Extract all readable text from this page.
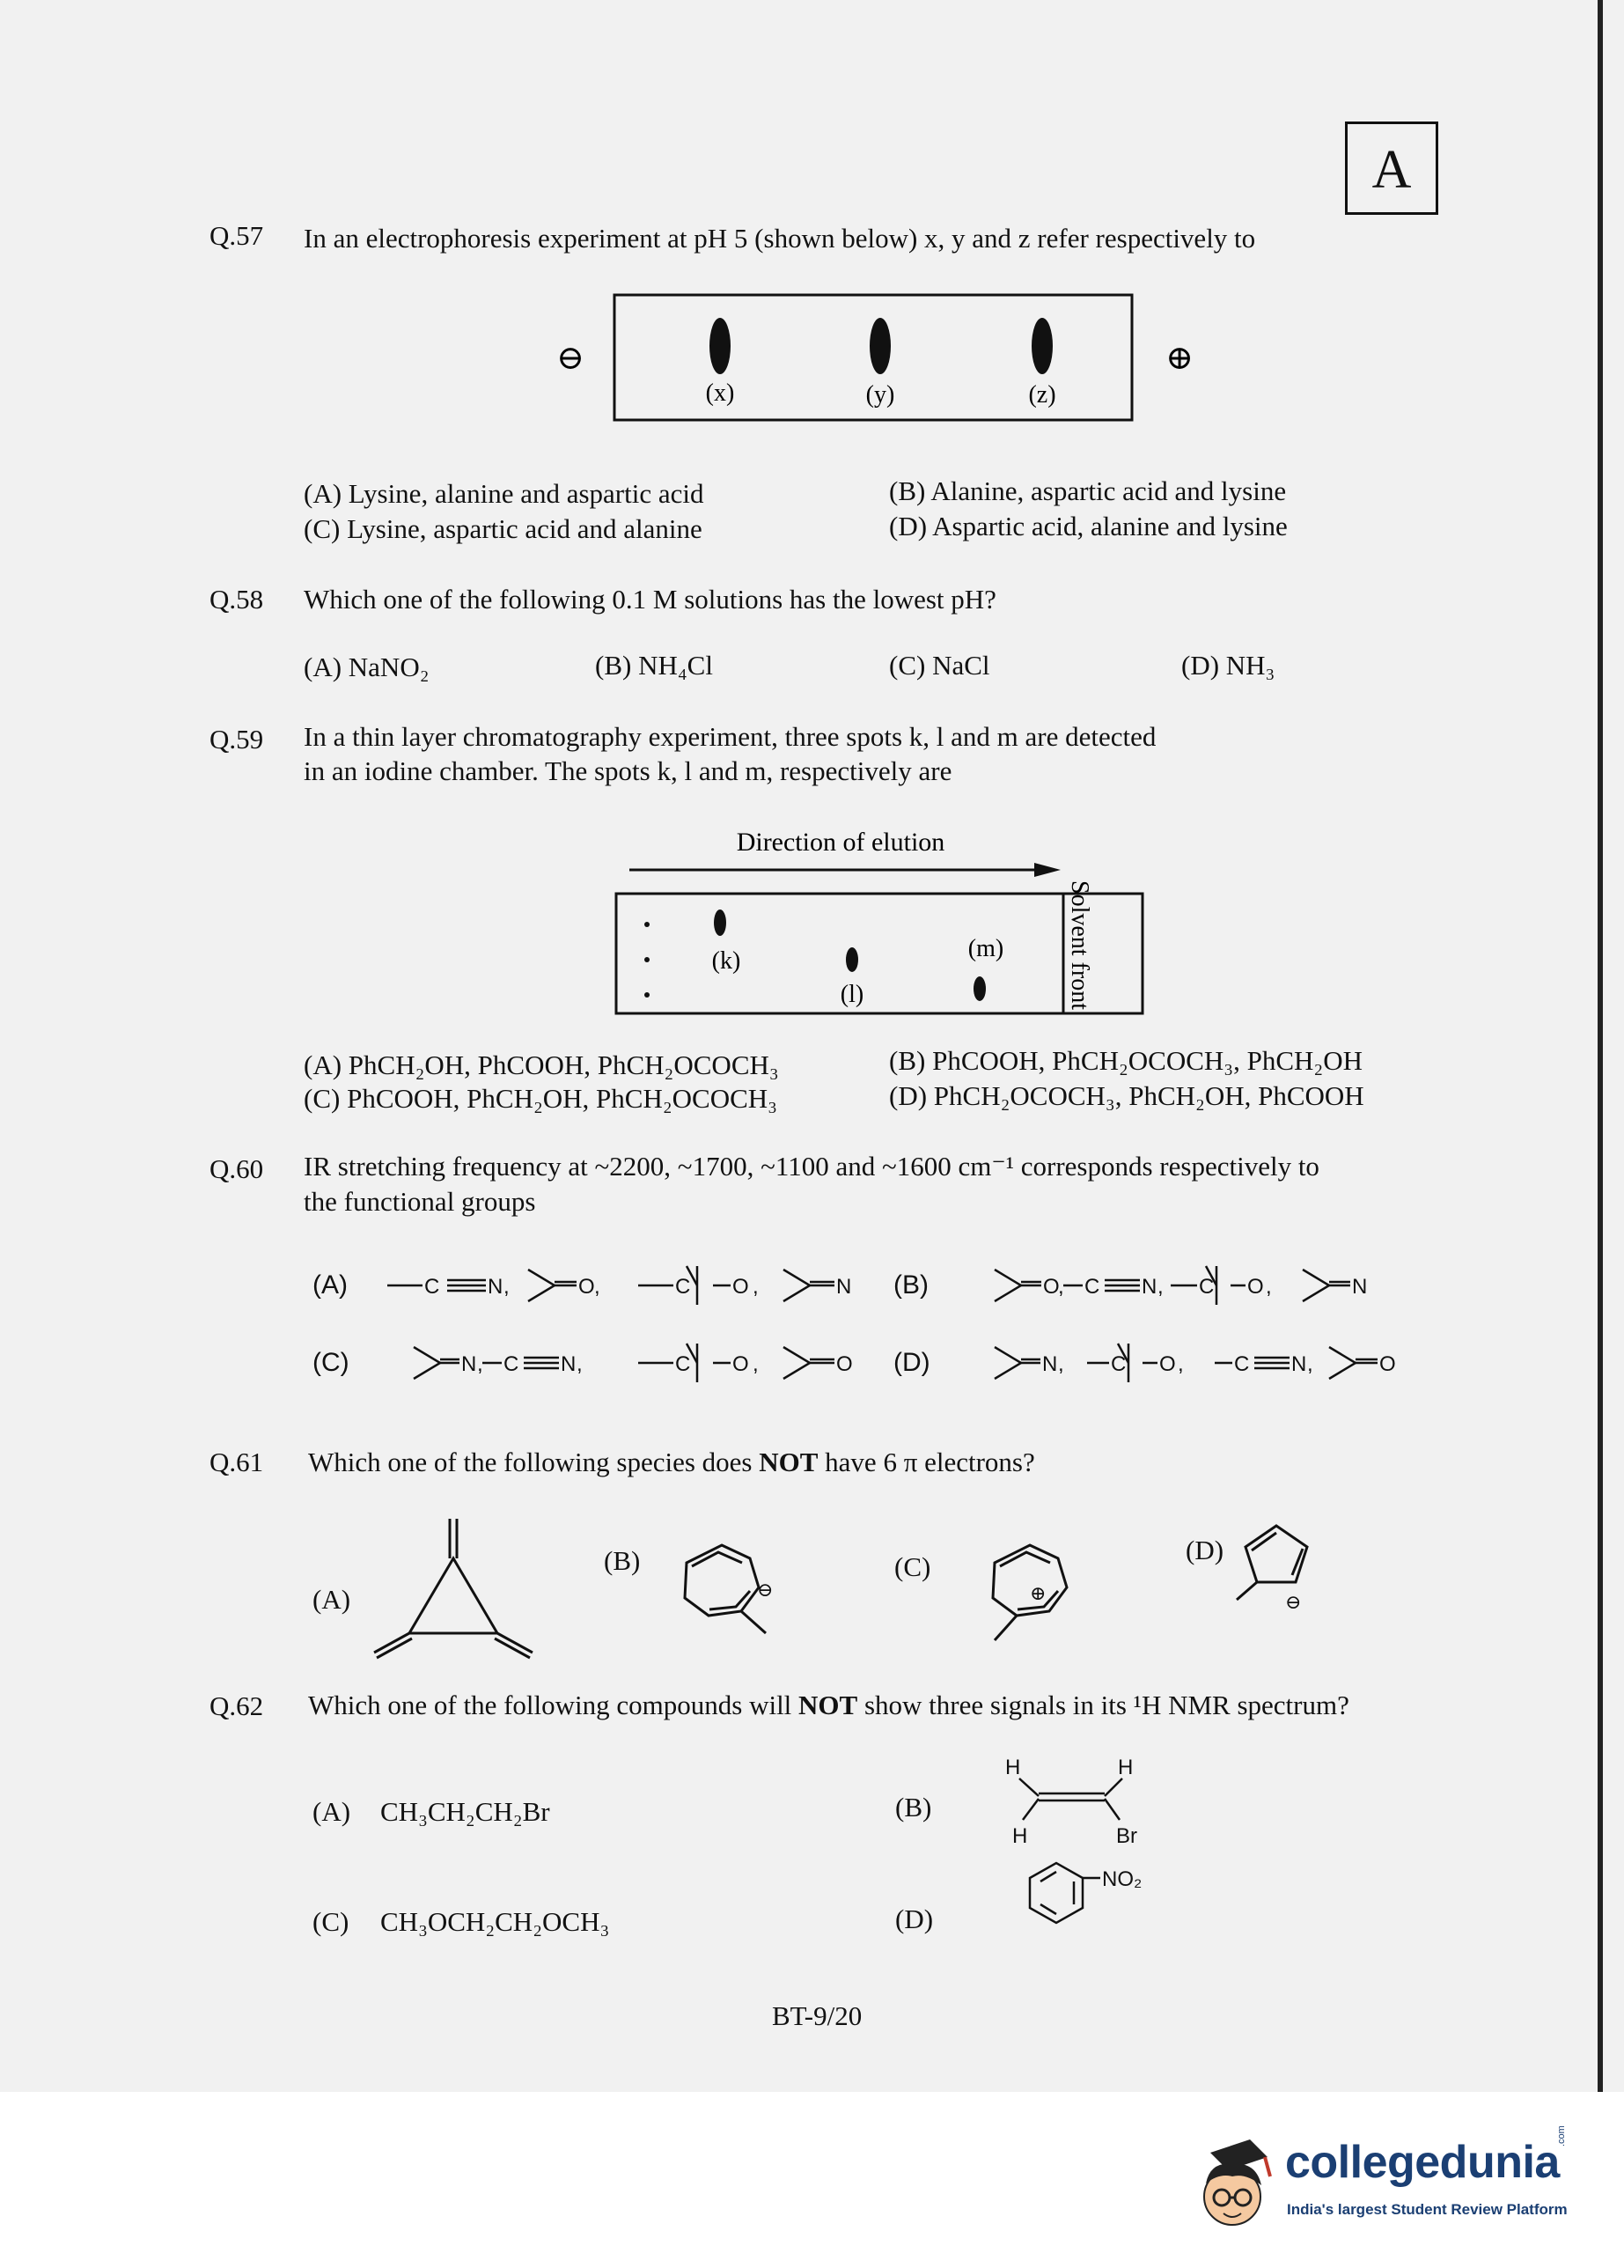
A
Q.57 In an electrophoresis experiment at pH 5 (shown below) x, y and z refer respectively to
(x)	(y)	(z)
⊖	⊕
(A) Lysine, alanine and aspartic acid	(B) Alanine, aspartic acid and lysine
(C) Lysine, aspartic acid and alanine	(D) Aspartic acid, alanine and lysine
Q.58 Which one of the following 0.1 M solutions has the lowest pH?
(A) NaNO₂	(B) NH₄Cl	(C) NaCl	(D) NH₃
Q.59 In a thin layer chromatography experiment, three spots k, l and m are detected
in an iodine chamber. The spots k, l and m, respectively are
Direction of elution
(k)
(l)
(m)	Solvent front
(A) PhCH₂OH, PhCOOH, PhCH₂OCOCH₃	(B) PhCOOH, PhCH₂OCOCH₃, PhCH₂OH
(C) PhCOOH, PhCH₂OH, PhCH₂OCOCH₃	(D) PhCH₂OCOCH₃, PhCH₂OH, PhCOOH
Q.60 IR stretching frequency at ~2200, ~1700, ~1100 and ~1600 cm⁻¹ corresponds respectively to
the functional groups
(A)	C N ,	O ,	C O ,	N (B)	O
, C N , C O ,	N
(C)	N , C N ,	C O ,	O (D)	N , C O , C N ,	O
Q.61 Which one of the following species does NOT have 6 π electrons?
(A)
(B)	(C)
(D)
⊖	⊕	⊖
Q.62 Which one of the following compounds will NOT show three signals in its ¹H NMR spectrum?
(A) CH₃CH₂CH₂Br	(B)
(C) CH₃OCH₂CH₂OCH₃	(D)
H	H
H	Br
NO₂
BT-9/20
collegedunia
.com
India's largest Student Review Platform
